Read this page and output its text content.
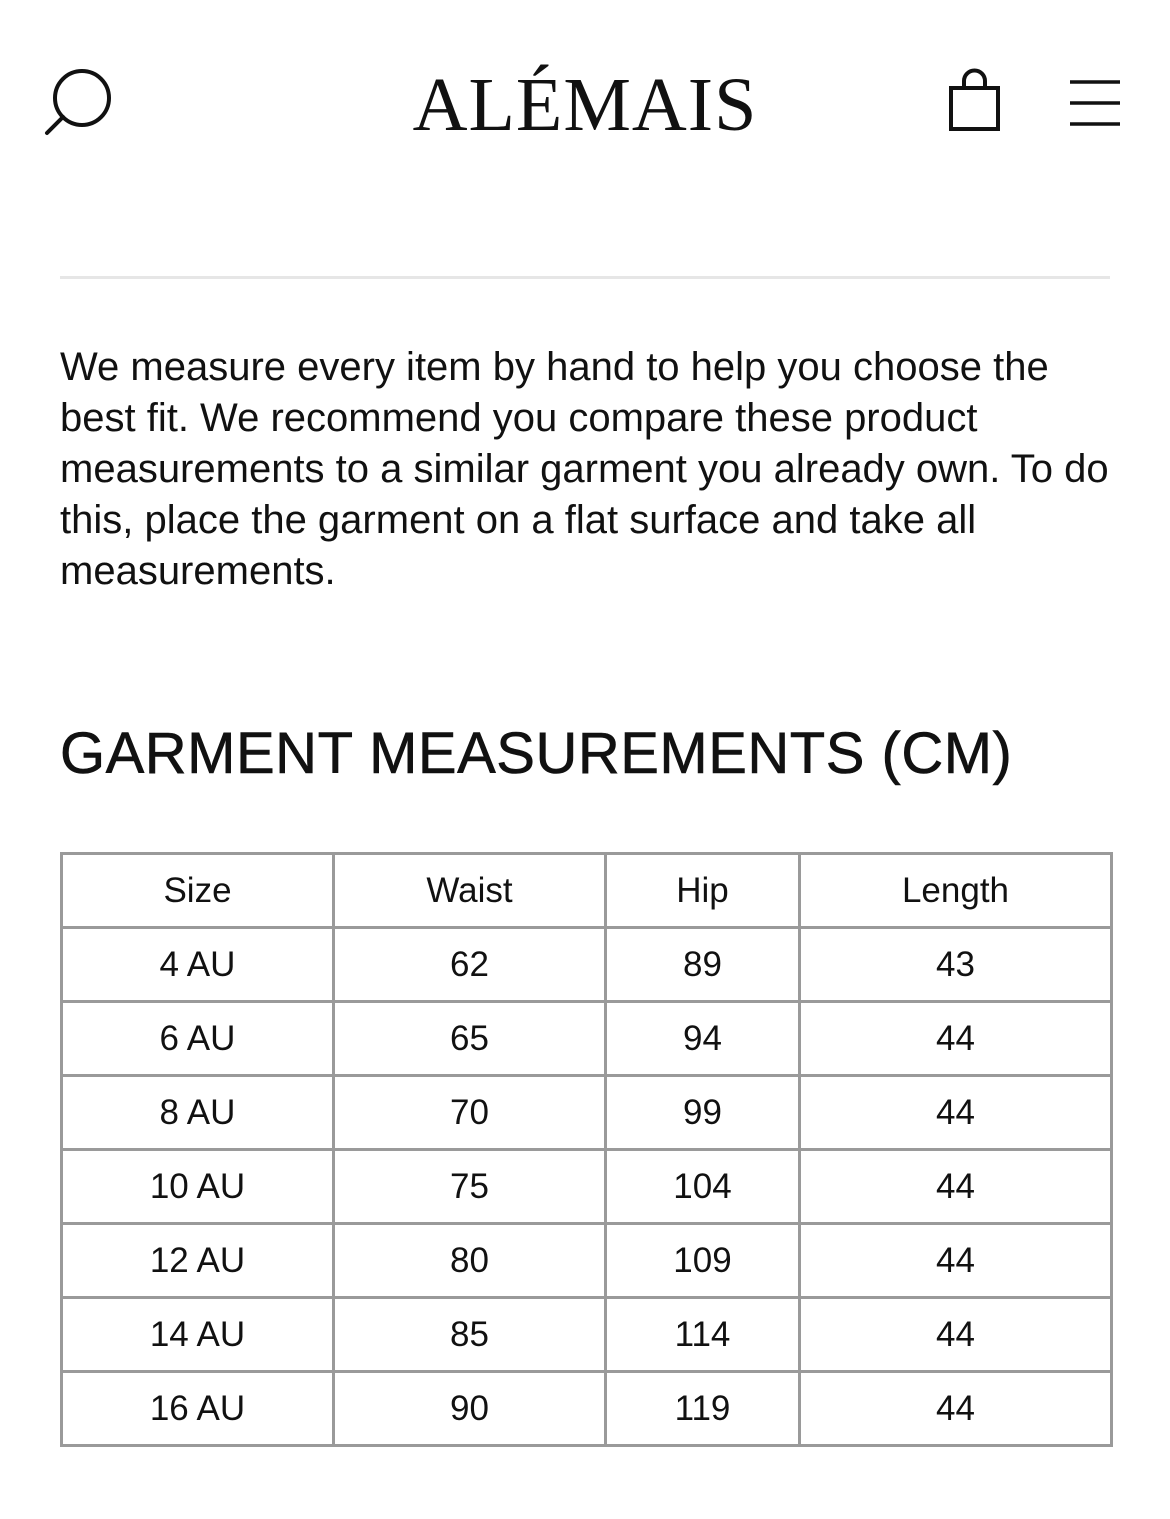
ALÉMAIS

We measure every item by hand to help you choose the best fit. We recommend you compare these product measurements to a similar garment you already own. To do this, place the garment on a flat surface and take all measurements.

GARMENT MEASUREMENTS (CM)
Size	Waist	Hip	Length
4 AU	62	89	43
6 AU	65	94	44
8 AU	70	99	44
10 AU	75	104	44
12 AU	80	109	44
14 AU	85	114	44
16 AU	90	119	44
